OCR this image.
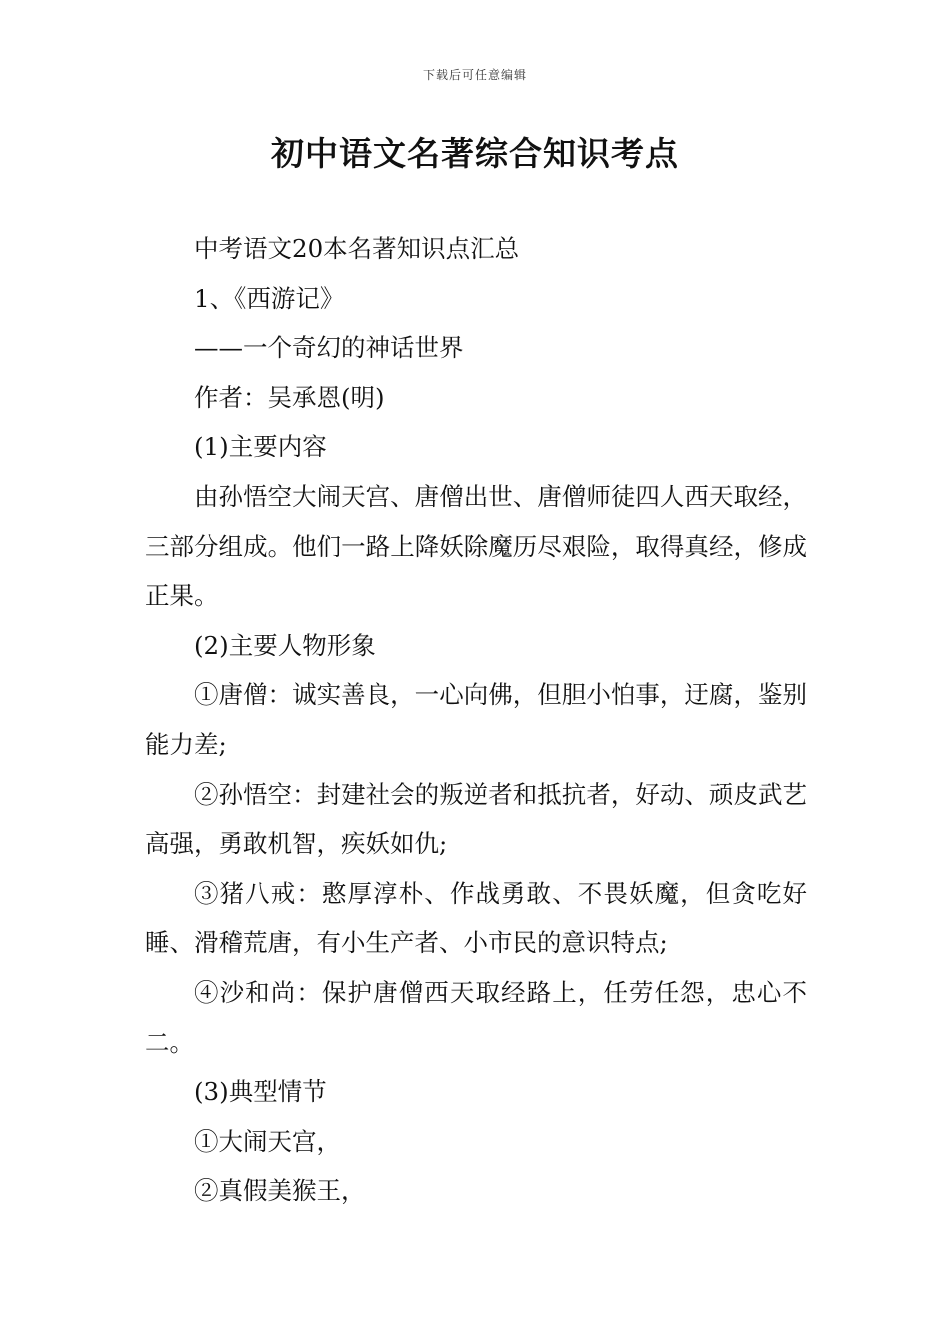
下载后可任意编辑
初中语文名著综合知识考点

中考语文20本名著知识点汇总

1、《西游记》

——一个奇幻的神话世界

作者：吴承恩(明)

(1)主要内容

由孙悟空大闹天宫、唐僧出世、唐僧师徒四人西天取经，三部分组成。他们一路上降妖除魔历尽艰险，取得真经，修成正果。

(2)主要人物形象

①唐僧：诚实善良，一心向佛，但胆小怕事，迂腐，鉴别能力差;

②孙悟空：封建社会的叛逆者和抵抗者，好动、顽皮武艺高强，勇敢机智，疾妖如仇;

③猪八戒：憨厚淳朴、作战勇敢、不畏妖魔，但贪吃好睡、滑稽荒唐，有小生产者、小市民的意识特点;

④沙和尚：保护唐僧西天取经路上，任劳任怨，忠心不二。

(3)典型情节

①大闹天宫，

②真假美猴王，
